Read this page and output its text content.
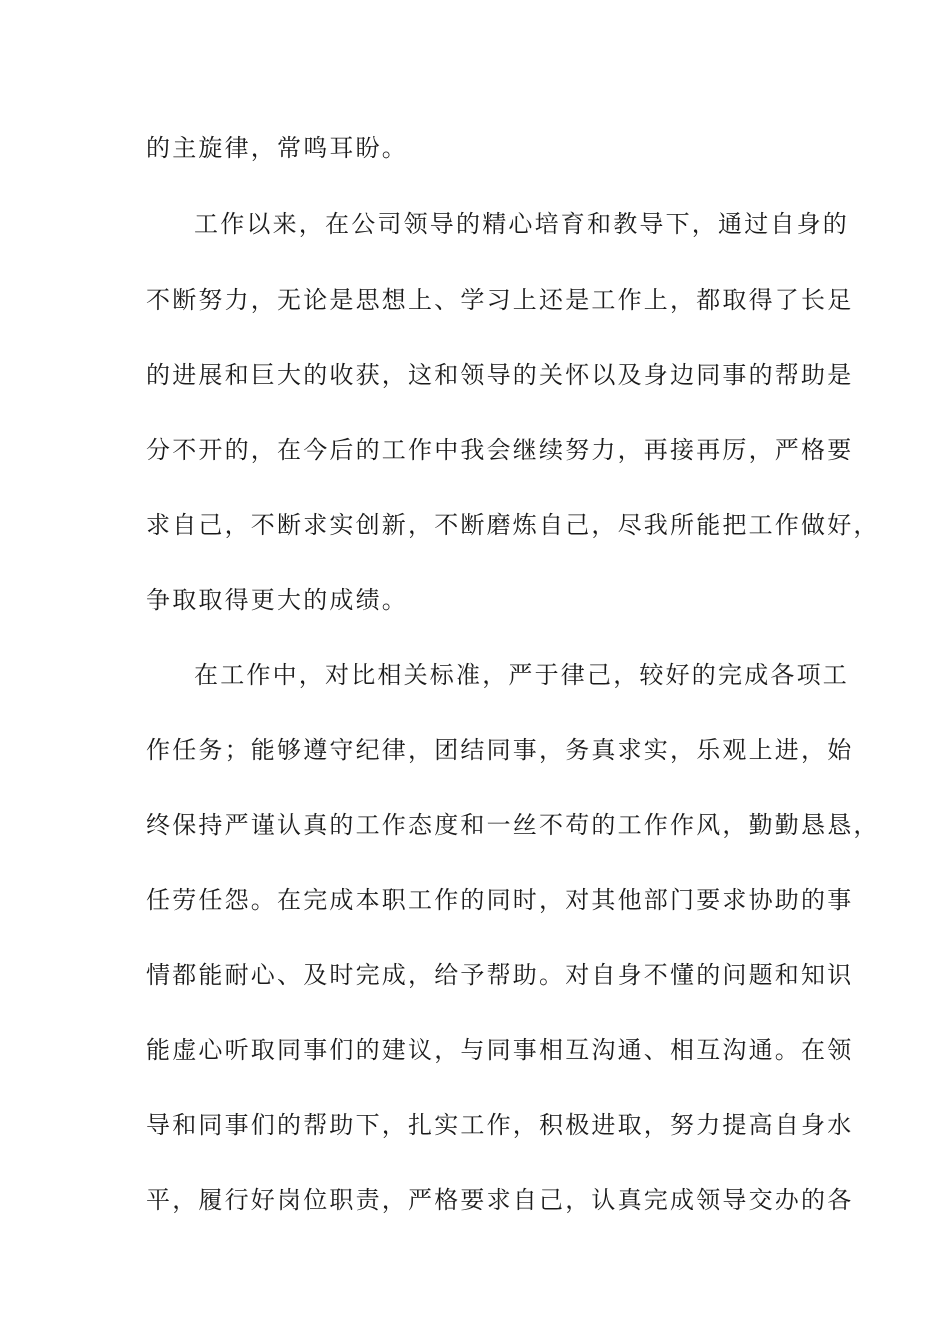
的主旋律，常鸣耳盼。
工作以来，在公司领导的精心培育和教导下，通过自身的
不断努力，无论是思想上、学习上还是工作上，都取得了长足
的进展和巨大的收获，这和领导的关怀以及身边同事的帮助是
分不开的，在今后的工作中我会继续努力，再接再厉，严格要
求自己，不断求实创新，不断磨炼自己，尽我所能把工作做好，
争取取得更大的成绩。
在工作中，对比相关标准，严于律己，较好的完成各项工
作任务；能够遵守纪律，团结同事，务真求实，乐观上进，始
终保持严谨认真的工作态度和一丝不苟的工作作风，勤勤恳恳，
任劳任怨。在完成本职工作的同时，对其他部门要求协助的事
情都能耐心、及时完成，给予帮助。对自身不懂的问题和知识
能虚心听取同事们的建议，与同事相互沟通、相互沟通。在领
导和同事们的帮助下，扎实工作，积极进取，努力提高自身水
平，履行好岗位职责，严格要求自己，认真完成领导交办的各
